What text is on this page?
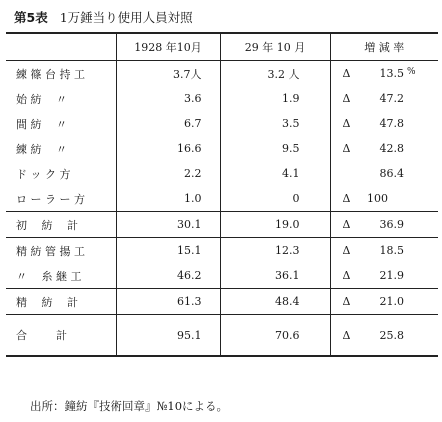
第5表 1万錘当り使用人員対照
	1928 年10月	29 年 10 月	増 減 率
練 篠 台 持 工	3.7人	3.2 人	Δ 13.5 %

始 紡 　〃	3.6	1.9	Δ 47.2
間 紡 　〃	6.7	3.5	Δ 47.8
練 紡 　〃	16.6	9.5	Δ 42.8
ド ッ ク 方	2.2	4.1	86.4
ロ ー ラ ー 方	1.0	0	Δ 100
初 　紡 　計	30.1	19.0	Δ 36.9
精 紡 管 揚 工	15.1	12.3	Δ 18.5
〃 　糸 継 工	46.2	36.1	Δ 21.9
精 　紡 　計	61.3	48.4	Δ 21.0
合 　 　計	95.1	70.6	Δ 25.8
出所：鐘紡『技術回章』№10による。
